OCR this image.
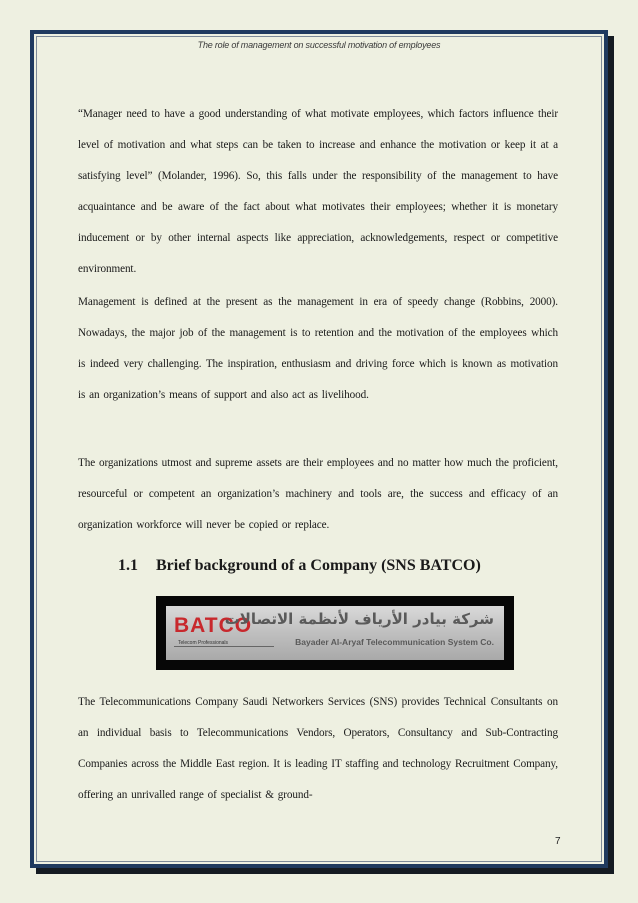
The role of management on successful motivation of employees
“Manager need to have a good understanding of what motivate employees, which factors influence their level of motivation and what steps can be taken to increase and enhance the motivation or keep it at a satisfying level” (Molander, 1996). So, this falls under the responsibility of the management to have acquaintance and be aware of the fact about what motivates their employees; whether it is monetary inducement or by other internal aspects like appreciation, acknowledgements, respect or competitive environment.
Management is defined at the present as the management in era of speedy change (Robbins, 2000). Nowadays, the major job of the management is to retention and the motivation of the employees which is indeed very challenging. The inspiration, enthusiasm and driving force which is known as motivation is an organization’s means of support and also act as livelihood.
The organizations utmost and supreme assets are their employees and no matter how much the proficient, resourceful or competent an organization’s machinery and tools are, the success and efficacy of an organization workforce will never be copied or replace.
1.1 Brief background of a Company (SNS BATCO)
BATCO
Telecom Professionals
شركة بيادر الأرياف لأنظمة الاتصالات
Bayader Al-Aryaf Telecommunication System Co.
The Telecommunications Company Saudi Networkers Services (SNS) provides Technical Consultants on an individual basis to Telecommunications Vendors, Operators, Consultancy and Sub-Contracting Companies across the Middle East region. It is leading IT staffing and technology Recruitment Company, offering an unrivalled range of specialist & ground-
7
